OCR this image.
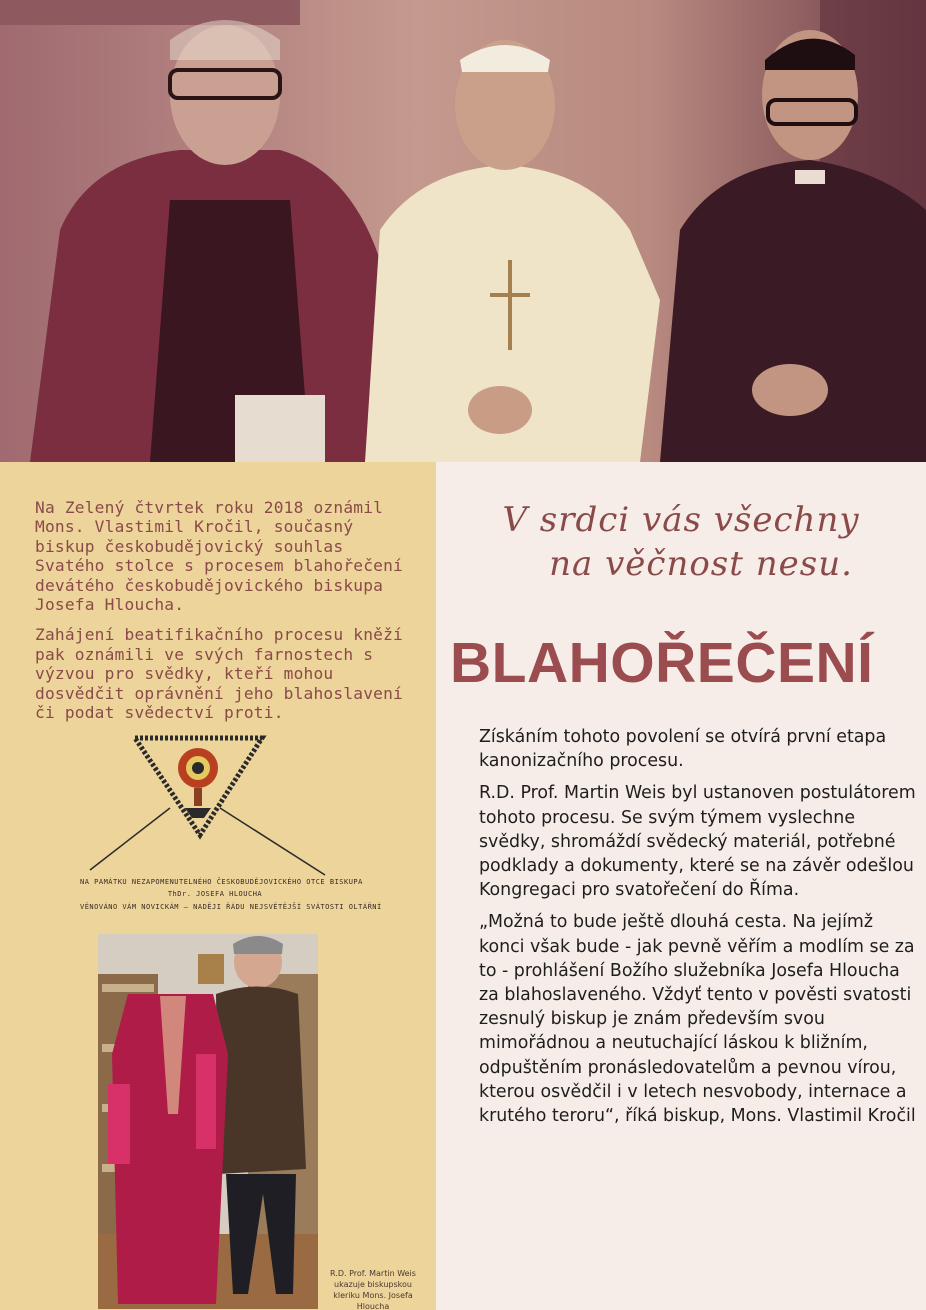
Na Zelený čtvrtek roku 2018 oznámil Mons. Vlastimil Kročil, současný biskup českobudějovický souhlas Svatého stolce s procesem blahořečení devátého českobudějovického biskupa Josefa Hloucha.

Zahájení beatifikačního procesu kněží pak oznámili ve svých farnostech s výzvou pro svědky, kteří mohou dosvědčit oprávnění jeho blahoslavení či podat svědectví proti.

NA PAMÁTKU NEZAPOMENUTELNÉHO ČESKOBUDĚJOVICKÉHO OTCE BISKUPA
ThDr. JOSEFA HLOUCHA
VĚNOVÁNO VÁM NOVICKÁM – NADĚJI ŘÁDU NEJSVĚTĚJŠÍ SVÁTOSTI OLTÁŘNÍ
R.D. Prof. Martin Weis ukazuje biskupskou kleriku Mons. Josefa Hloucha
V srdci vás všechny
na věčnost nesu.
BLAHOŘEČENÍ

Získáním tohoto povolení se otvírá první etapa kanonizačního procesu.

R.D. Prof. Martin Weis byl ustanoven postulátorem tohoto procesu. Se svým týmem vyslechne svědky, shromáždí svědecký materiál, potřebné podklady a dokumenty, které se na závěr odešlou Kongregaci pro svatořečení do Říma.

„Možná to bude ještě dlouhá cesta. Na jejímž konci však bude - jak pevně věřím a modlím se za to - prohlášení Božího služebníka Josefa Hloucha za blahoslaveného. Vždyť tento v pověsti svatosti zesnulý biskup je znám především svou mimořádnou a neutuchající láskou k bližním, odpuštěním pronásledovatelům a pevnou vírou, kterou osvědčil i v letech nesvobody, internace a krutého teroru“, říká biskup, Mons. Vlastimil Kročil
